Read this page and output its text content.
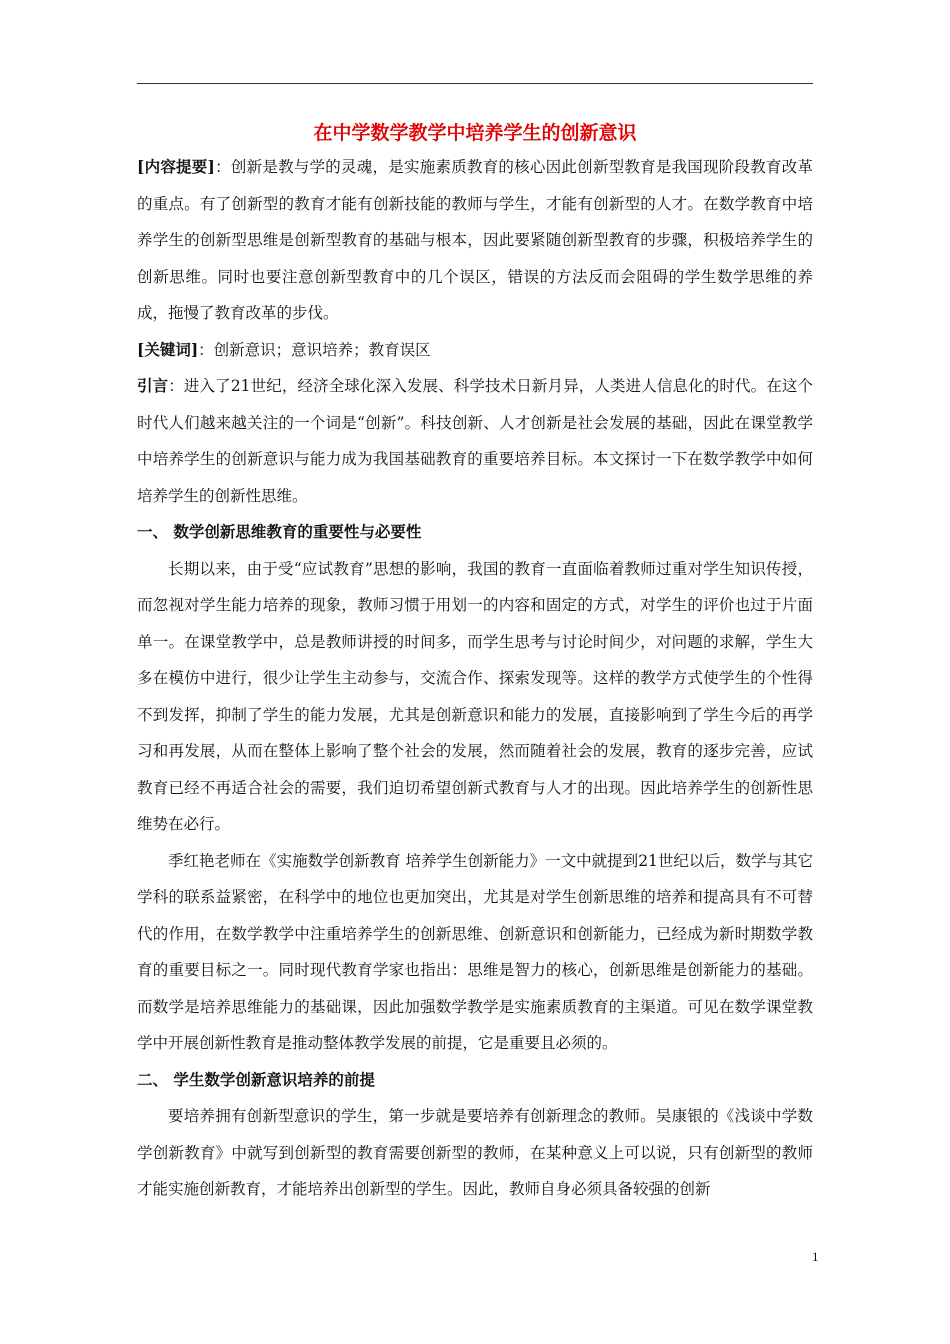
在中学数学教学中培养学生的创新意识

[内容提要]：创新是教与学的灵魂，是实施素质教育的核心因此创新型教育是我国现阶段教育改革的重点。有了创新型的教育才能有创新技能的教师与学生，才能有创新型的人才。在数学教育中培养学生的创新型思维是创新型教育的基础与根本，因此要紧随创新型教育的步骤，积极培养学生的创新思维。同时也要注意创新型教育中的几个误区，错误的方法反而会阻碍的学生数学思维的养成，拖慢了教育改革的步伐。

[关键词]：创新意识；意识培养；教育误区

引言：进入了21世纪，经济全球化深入发展、科学技术日新月异，人类进人信息化的时代。在这个时代人们越来越关注的一个词是“创新”。科技创新、人才创新是社会发展的基础，因此在课堂教学中培养学生的创新意识与能力成为我国基础教育的重要培养目标。本文探讨一下在数学教学中如何培养学生的创新性思维。

一、 数学创新思维教育的重要性与必要性

长期以来，由于受“应试教育”思想的影响，我国的教育一直面临着教师过重对学生知识传授，而忽视对学生能力培养的现象，教师习惯于用划一的内容和固定的方式，对学生的评价也过于片面单一。在课堂教学中，总是教师讲授的时间多，而学生思考与讨论时间少，对问题的求解，学生大多在模仿中进行，很少让学生主动参与，交流合作、探索发现等。这样的教学方式使学生的个性得不到发挥，抑制了学生的能力发展，尤其是创新意识和能力的发展，直接影响到了学生今后的再学习和再发展，从而在整体上影响了整个社会的发展，然而随着社会的发展，教育的逐步完善，应试教育已经不再适合社会的需要，我们迫切希望创新式教育与人才的出现。因此培养学生的创新性思维势在必行。

季红艳老师在《实施数学创新教育 培养学生创新能力》一文中就提到21世纪以后，数学与其它学科的联系益紧密，在科学中的地位也更加突出，尤其是对学生创新思维的培养和提高具有不可替代的作用，在数学教学中注重培养学生的创新思维、创新意识和创新能力，已经成为新时期数学教育的重要目标之一。同时现代教育学家也指出：思维是智力的核心，创新思维是创新能力的基础。而数学是培养思维能力的基础课，因此加强数学教学是实施素质教育的主渠道。可见在数学课堂教学中开展创新性教育是推动整体教学发展的前提，它是重要且必须的。

二、 学生数学创新意识培养的前提

要培养拥有创新型意识的学生，第一步就是要培养有创新理念的教师。吴康银的《浅谈中学数学创新教育》中就写到创新型的教育需要创新型的教师，在某种意义上可以说，只有创新型的教师才能实施创新教育，才能培养出创新型的学生。因此，教师自身必须具备较强的创新

1
